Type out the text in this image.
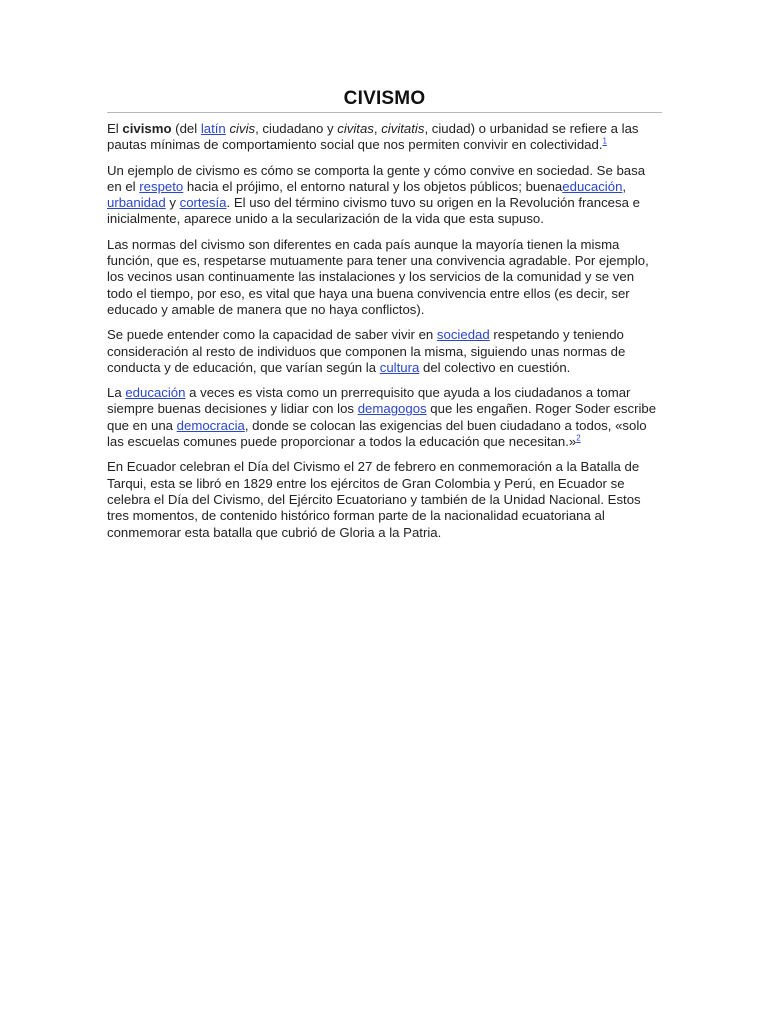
CIVISMO

El civismo (del latín civis, ciudadano y civitas, civitatis, ciudad) o urbanidad se refiere a las pautas mínimas de comportamiento social que nos permiten convivir en colectividad.$^1$

Un ejemplo de civismo es cómo se comporta la gente y cómo convive en sociedad. Se basa en el respeto hacia el prójimo, el entorno natural y los objetos públicos; buenaeducación, urbanidad y cortesía. El uso del término civismo tuvo su origen en la Revolución francesa e inicialmente, aparece unido a la secularización de la vida que esta supuso.

Las normas del civismo son diferentes en cada país aunque la mayoría tienen la misma función, que es, respetarse mutuamente para tener una convivencia agradable. Por ejemplo, los vecinos usan continuamente las instalaciones y los servicios de la comunidad y se ven todo el tiempo, por eso, es vital que haya una buena convivencia entre ellos (es decir, ser educado y amable de manera que no haya conflictos).

Se puede entender como la capacidad de saber vivir en sociedad respetando y teniendo consideración al resto de individuos que componen la misma, siguiendo unas normas de conducta y de educación, que varían según la cultura del colectivo en cuestión.

La educación a veces es vista como un prerrequisito que ayuda a los ciudadanos a tomar siempre buenas decisiones y lidiar con los demagogos que les engañen. Roger Soder escribe que en una democracia, donde se colocan las exigencias del buen ciudadano a todos, «solo las escuelas comunes puede proporcionar a todos la educación que necesitan.»$^2$

En Ecuador celebran el Día del Civismo el 27 de febrero en conmemoración a la Batalla de Tarqui, esta se libró en 1829 entre los ejércitos de Gran Colombia y Perú, en Ecuador se celebra el Día del Civismo, del Ejército Ecuatoriano y también de la Unidad Nacional. Estos tres momentos, de contenido histórico forman parte de la nacionalidad ecuatoriana al conmemorar esta batalla que cubrió de Gloria a la Patria.
